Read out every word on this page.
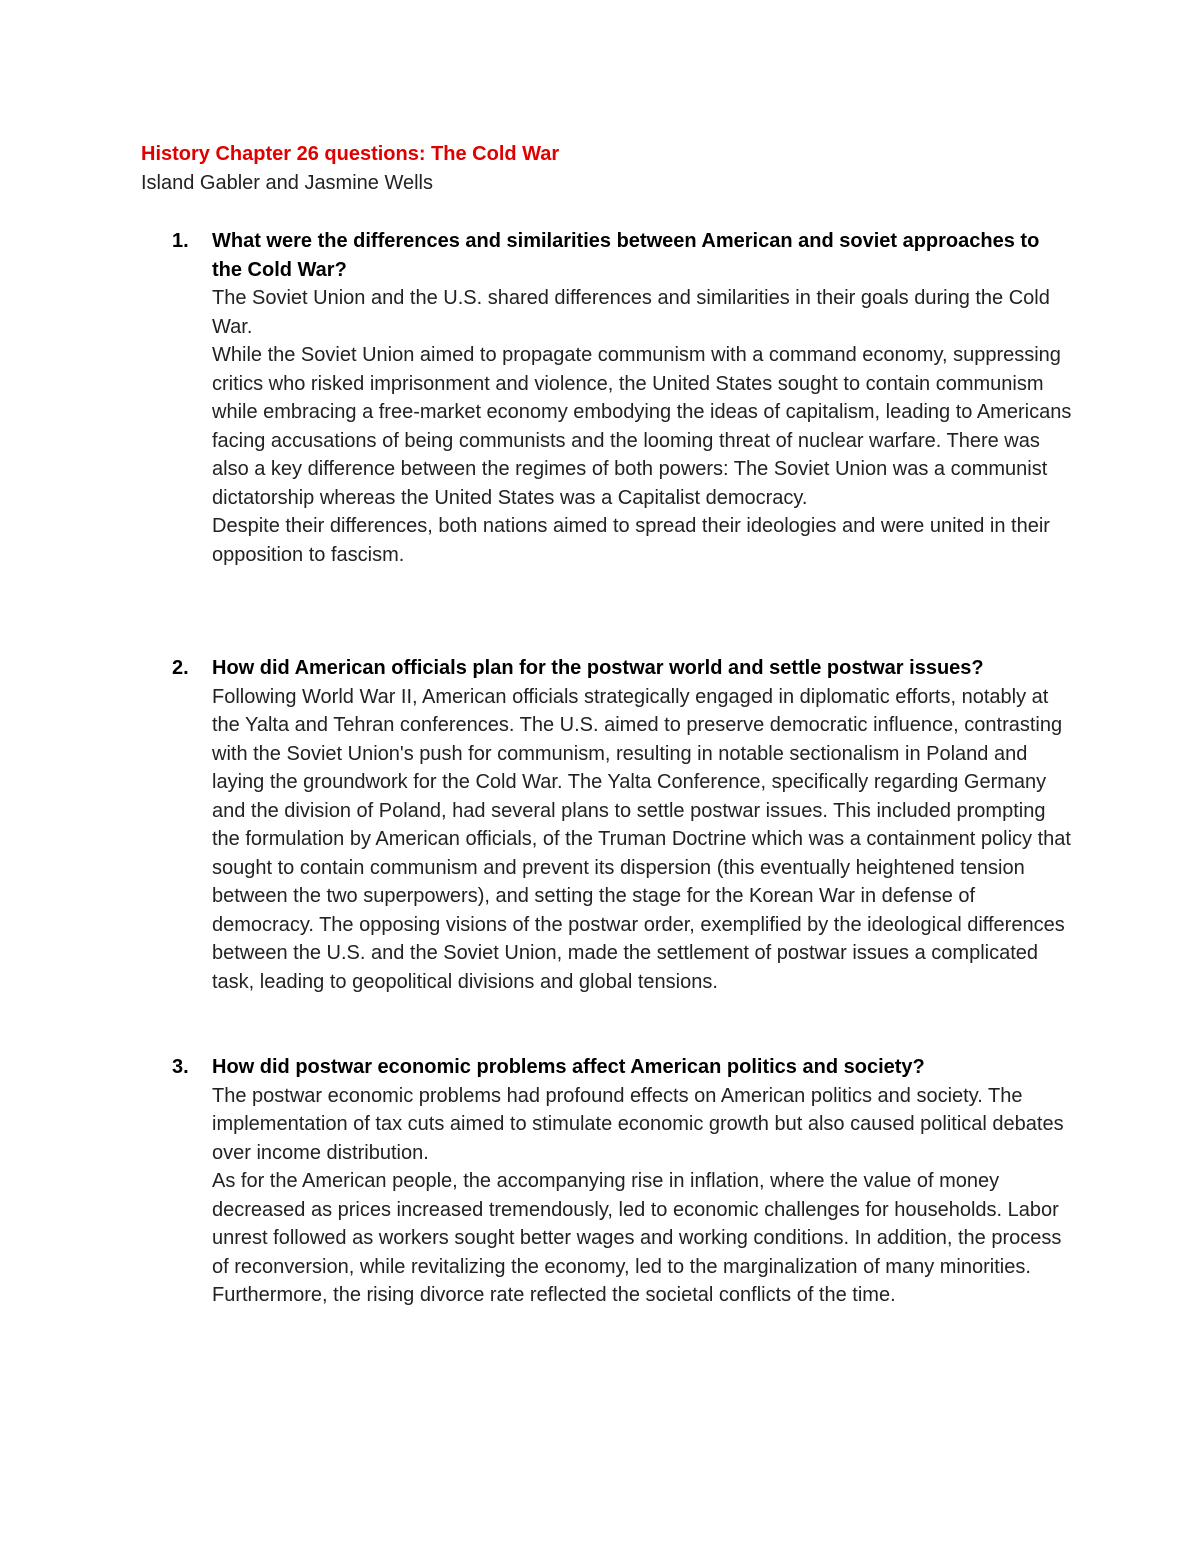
History Chapter 26 questions: The Cold War
Island Gabler and Jasmine Wells
1. What were the differences and similarities between American and soviet approaches to the Cold War?

The Soviet Union and the U.S. shared differences and similarities in their goals during the Cold War.

While the Soviet Union aimed to propagate communism with a command economy, suppressing critics who risked imprisonment and violence, the United States sought to contain communism while embracing a free-market economy embodying the ideas of capitalism, leading to Americans facing accusations of being communists and the looming threat of nuclear warfare. There was also a key difference between the regimes of both powers: The Soviet Union was a communist dictatorship whereas the United States was a Capitalist democracy.

Despite their differences, both nations aimed to spread their ideologies and were united in their opposition to fascism.

2. How did American officials plan for the postwar world and settle postwar issues?

Following World War II, American officials strategically engaged in diplomatic efforts, notably at the Yalta and Tehran conferences. The U.S. aimed to preserve democratic influence, contrasting with the Soviet Union's push for communism, resulting in notable sectionalism in Poland and laying the groundwork for the Cold War. The Yalta Conference, specifically regarding Germany and the division of Poland, had several plans to settle postwar issues. This included prompting the formulation by American officials, of the Truman Doctrine which was a containment policy that sought to contain communism and prevent its dispersion (this eventually heightened tension between the two superpowers), and setting the stage for the Korean War in defense of democracy. The opposing visions of the postwar order, exemplified by the ideological differences between the U.S. and the Soviet Union, made the settlement of postwar issues a complicated task, leading to geopolitical divisions and global tensions.

3. How did postwar economic problems affect American politics and society?

The postwar economic problems had profound effects on American politics and society. The implementation of tax cuts aimed to stimulate economic growth but also caused political debates over income distribution.

As for the American people, the accompanying rise in inflation, where the value of money decreased as prices increased tremendously, led to economic challenges for households. Labor unrest followed as workers sought better wages and working conditions. In addition, the process of reconversion, while revitalizing the economy, led to the marginalization of many minorities. Furthermore, the rising divorce rate reflected the societal conflicts of the time.
